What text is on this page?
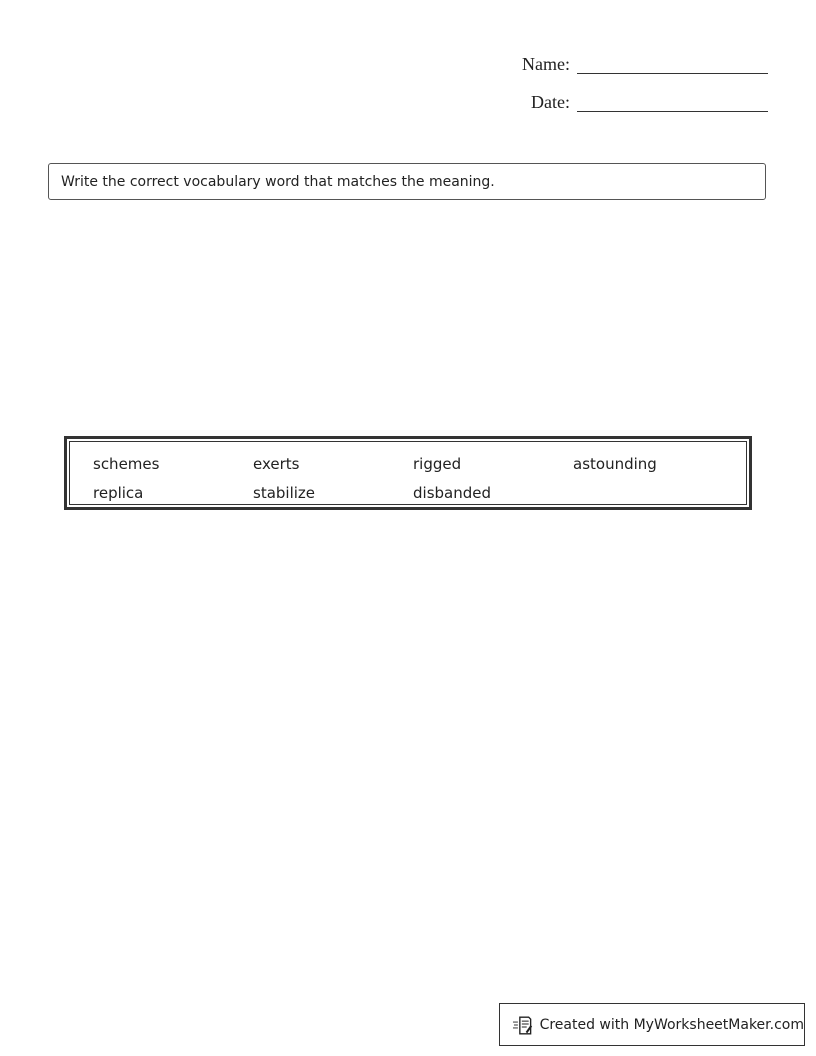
Name:
Date:
Write the correct vocabulary word that matches the meaning.
schemes	exerts	rigged	astounding
replica	stabilize	disbanded
Created with MyWorksheetMaker.com
